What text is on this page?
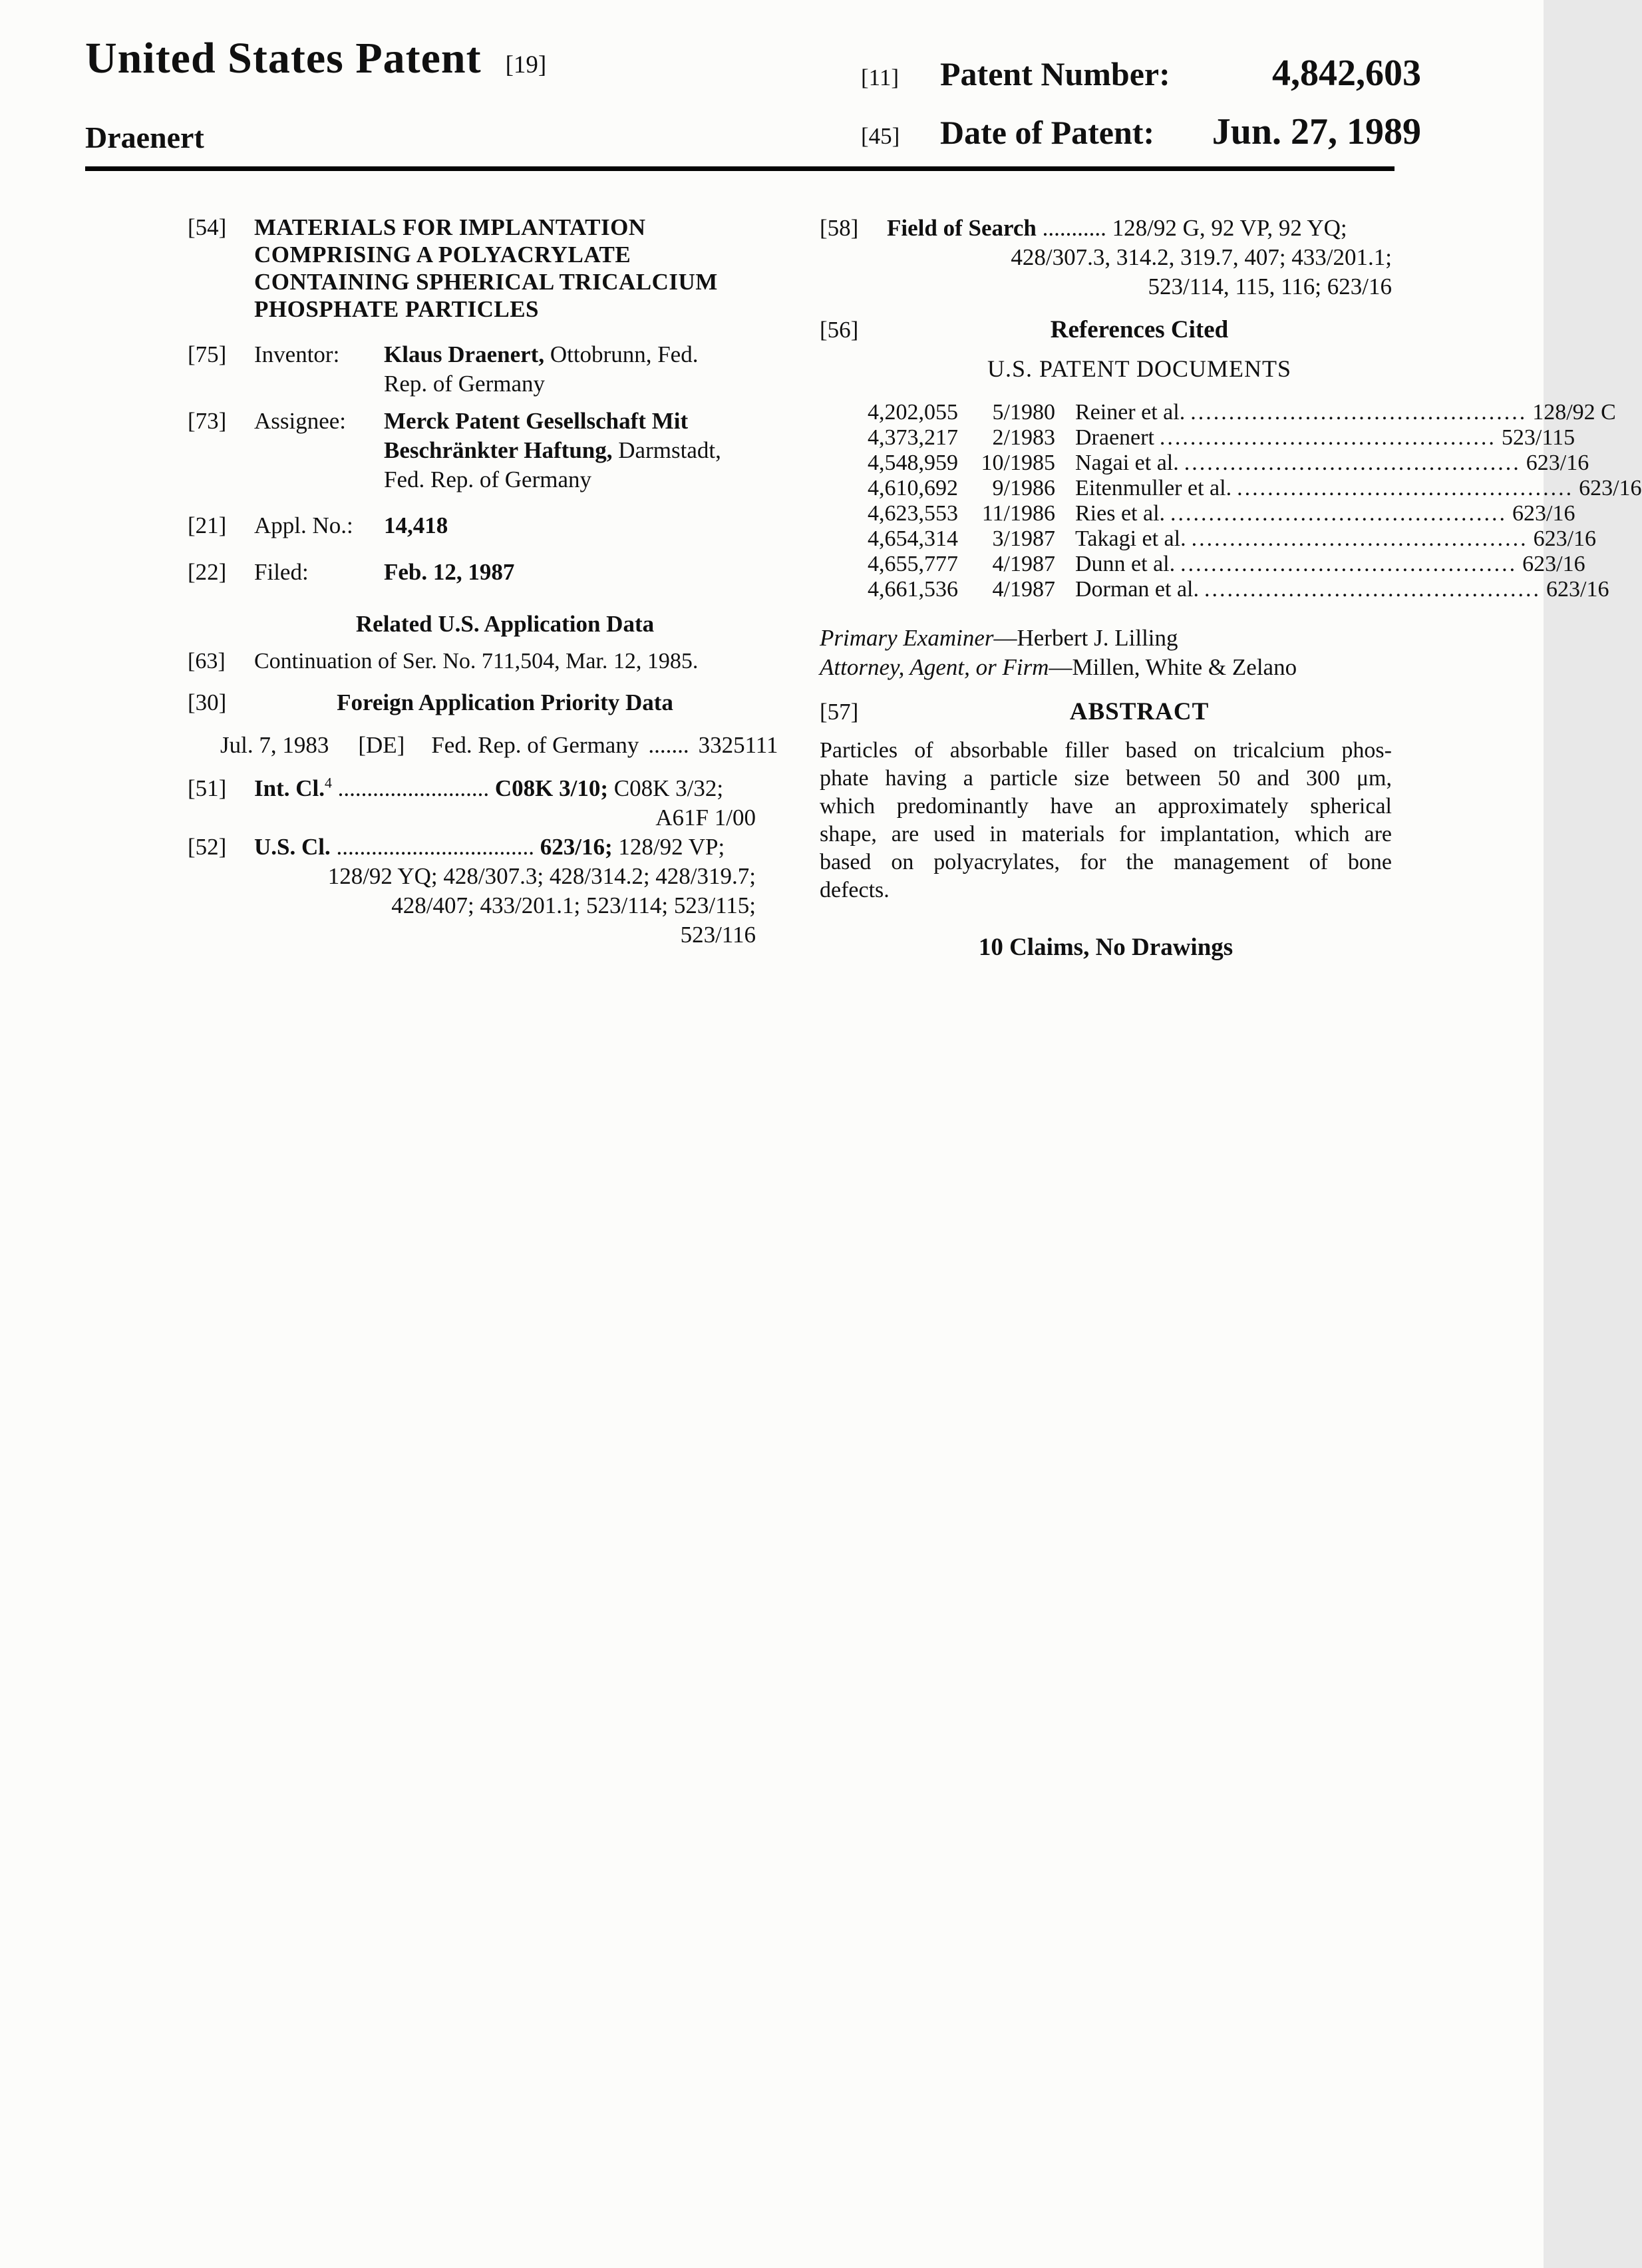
United States Patent [19]
Draenert
[11]	Patent Number:	4,842,603
[45]	Date of Patent: Jun. 27, 1989
[54]	MATERIALS FOR IMPLANTATION
COMPRISING A POLYACRYLATE
CONTAINING SPHERICAL TRICALCIUM
PHOSPHATE PARTICLES
[75]	Inventor:	Klaus Draenert, Ottobrunn, Fed.
Rep. of Germany
[73]	Assignee:	Merck Patent Gesellschaft Mit
Beschränkter Haftung, Darmstadt,
Fed. Rep. of Germany
[21]	Appl. No.:	14,418
[22]	Filed:	Feb. 12, 1987
Related U.S. Application Data
[63]	Continuation of Ser. No. 711,504, Mar. 12, 1985.
[30]	Foreign Application Priority Data
Jul. 7, 1983 [DE] Fed. Rep. of Germany ....... 3325111
[51]	Int. Cl.$^4$ .......................... C08K 3/10; C08K 3/32;
A61F 1/00
[52]	U.S. Cl. .................................. 623/16; 128/92 VP;
128/92 YQ; 428/307.3; 428/314.2; 428/319.7;
428/407; 433/201.1; 523/114; 523/115;
523/116
[58]	Field of Search ........... 128/92 G, 92 VP, 92 YQ;
428/307.3, 314.2, 319.7, 407; 433/201.1;
523/114, 115, 116; 623/16
[56]	References Cited
U.S. PATENT DOCUMENTS
4,202,055	5/1980 Reiner et al. ............................................ 128/92 C
4,373,217	2/1983 Draenert ............................................ 523/115
4,548,959	10/1985 Nagai et al. ............................................ 623/16
4,610,692	9/1986 Eitenmuller et al. ............................................ 623/16
4,623,553	11/1986 Ries et al. ............................................ 623/16
4,654,314	3/1987 Takagi et al. ............................................ 623/16
4,655,777	4/1987 Dunn et al. ............................................ 623/16
4,661,536	4/1987 Dorman et al. ............................................ 623/16
Primary Examiner—Herbert J. Lilling
Attorney, Agent, or Firm—Millen, White & Zelano
[57]	ABSTRACT
Particles of absorbable filler based on tricalcium phos-
phate having a particle size between 50 and 300 μm,
which predominantly have an approximately spherical
shape, are used in materials for implantation, which are
based on polyacrylates, for the management of bone
defects.
10 Claims, No Drawings
